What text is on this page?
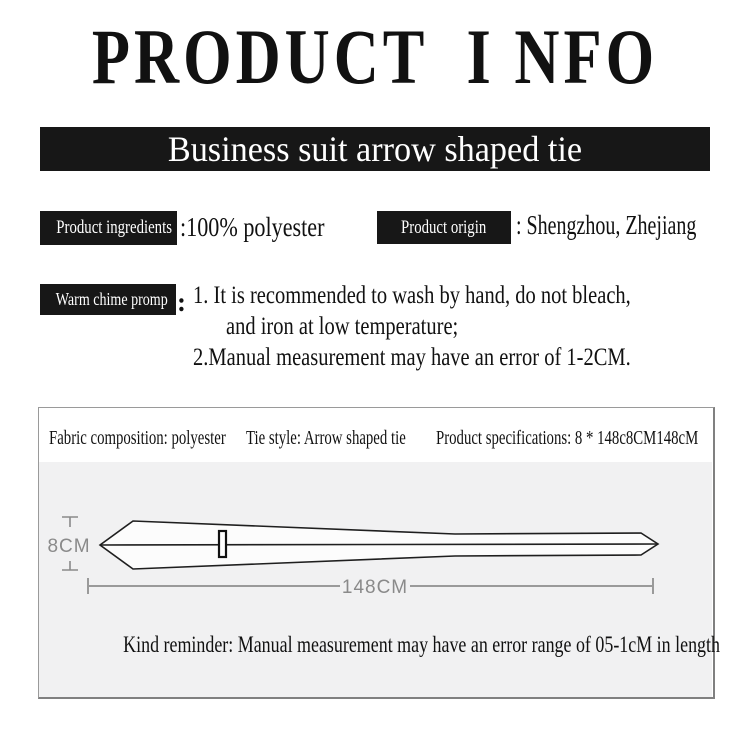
PRODUCT  I NFO
Business suit arrow shaped tie
Product ingredients :100% polyester	Product origin	: Shengzhou, Zhejiang
Warm chime promp : 1. It is recommended to wash by hand, do not bleach,
and iron at low temperature;
2.Manual measurement may have an error of 1-2CM.
Fabric composition: polyester	Tie style: Arrow shaped tie	Product specifications: 8 * 148c8CM148cM
8CM
148CM
Kind reminder: Manual measurement may have an error range of 05-1cM in length
